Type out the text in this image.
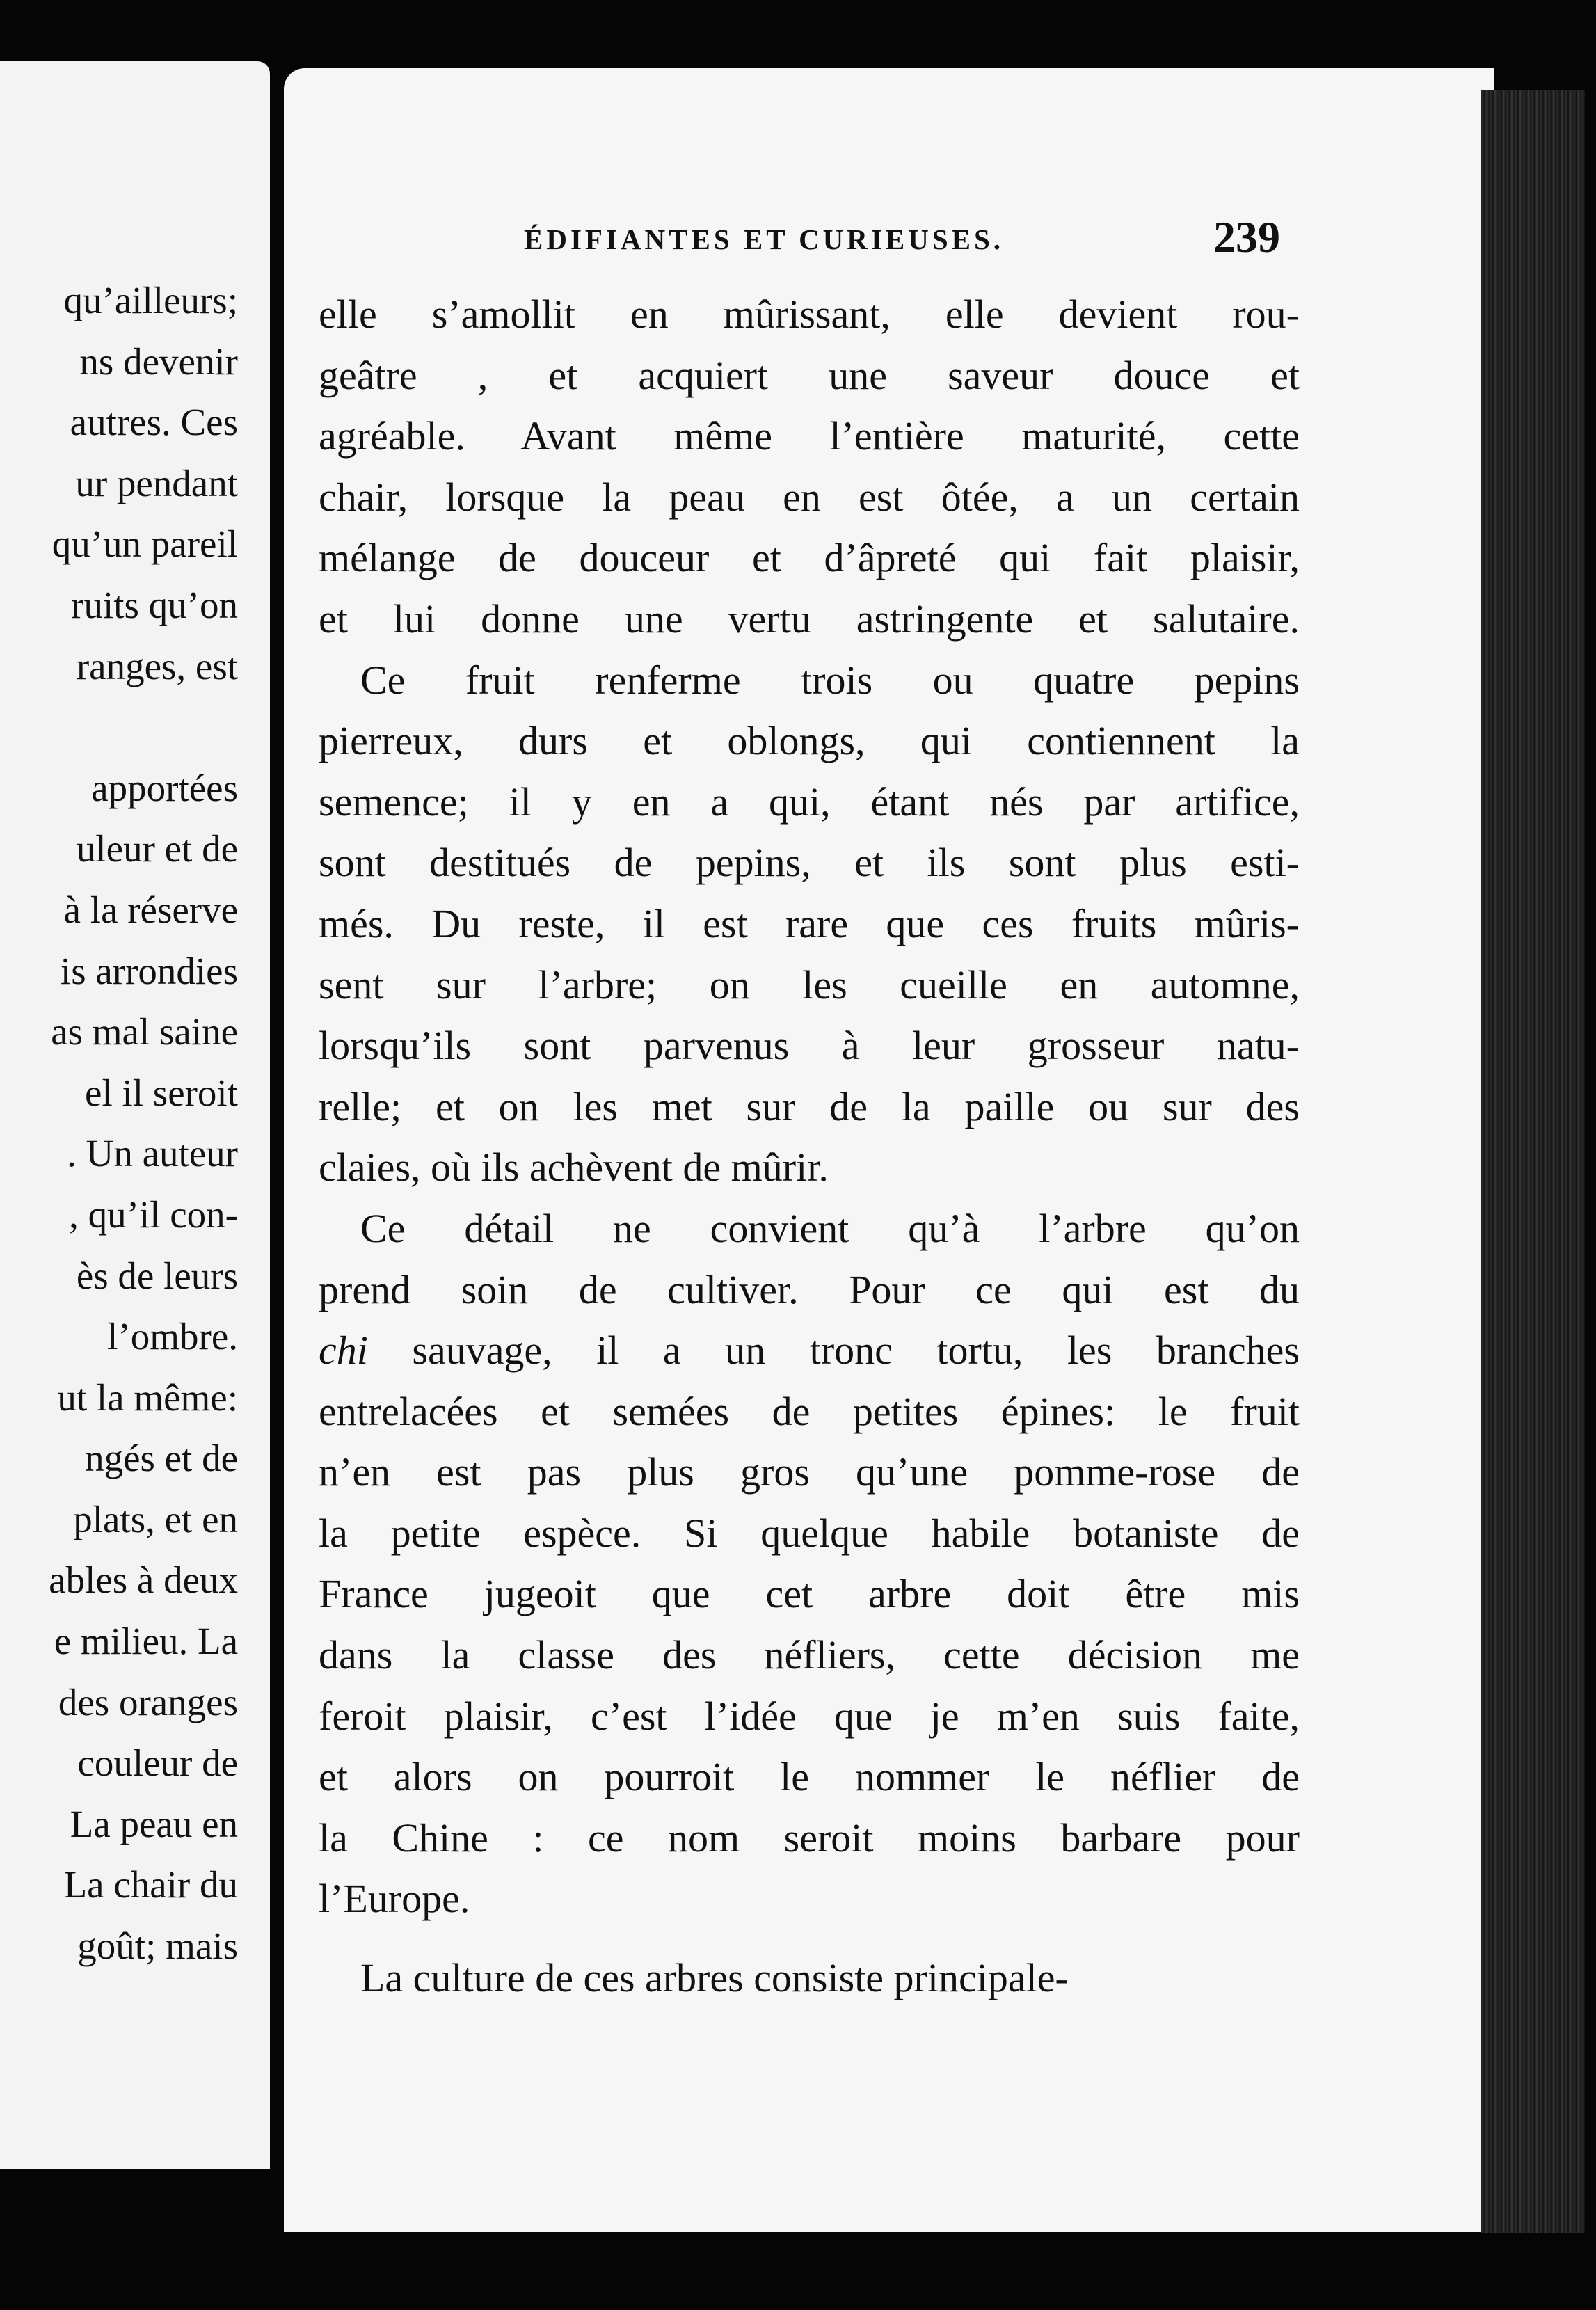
qu’ailleurs;
ns devenir
autres. Ces
ur pendant
qu’un pareil
ruits qu’on
ranges, est
apportées
uleur et de
à la réserve
is arrondies
as mal saine
el il seroit
. Un auteur
, qu’il con-
ès de leurs
l’ombre.
ut la même:
ngés et de
plats, et en
ables à deux
e milieu. La
des oranges
couleur de
La peau en
La chair du
goût; mais
ÉDIFIANTES ET CURIEUSES.	239
elle s’amollit en mûrissant, elle devient rou-
geâtre , et acquiert une saveur douce et
agréable. Avant même l’entière maturité, cette
chair, lorsque la peau en est ôtée, a un certain
mélange de douceur et d’âpreté qui fait plaisir,
et lui donne une vertu astringente et salutaire.
Ce fruit renferme trois ou quatre pepins
pierreux, durs et oblongs, qui contiennent la
semence; il y en a qui, étant nés par artifice,
sont destitués de pepins, et ils sont plus esti-
més. Du reste, il est rare que ces fruits mûris-
sent sur l’arbre; on les cueille en automne,
lorsqu’ils sont parvenus à leur grosseur natu-
relle; et on les met sur de la paille ou sur des
claies, où ils achèvent de mûrir.
Ce détail ne convient qu’à l’arbre qu’on
prend soin de cultiver. Pour ce qui est du
chi sauvage, il a un tronc tortu, les branches
entrelacées et semées de petites épines: le fruit
n’en est pas plus gros qu’une pomme-rose de
la petite espèce. Si quelque habile botaniste de
France jugeoit que cet arbre doit être mis
dans la classe des néfliers, cette décision me
feroit plaisir, c’est l’idée que je m’en suis faite,
et alors on pourroit le nommer le néflier de
la Chine : ce nom seroit moins barbare pour
l’Europe.
La culture de ces arbres consiste principale-
